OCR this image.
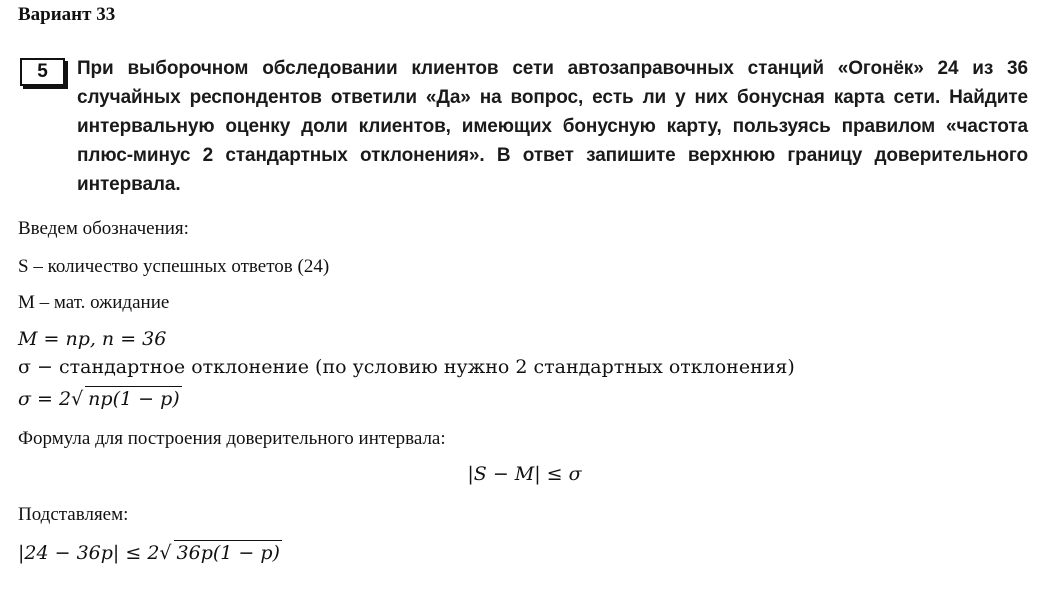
Вариант 33
5	При выборочном обследовании клиентов сети автозаправочных станций «Огонёк» 24 из 36 случайных респондентов ответили «Да» на вопрос, есть ли у них бонусная карта сети. Найдите интервальную оценку доли клиентов, имеющих бонусную карту, пользуясь правилом «частота плюс-минус 2 стандартных отклонения». В ответ запишите верхнюю границу доверительного интервала.
Введем обозначения:
S – количество успешных ответов (24)
М – мат. ожидание
M = np, n = 36
σ − стандартное отклонение (по условию нужно 2 стандартных отклонения)
σ = 2√ np(1 − p)
Формула для построения доверительного интервала:
|S − M| ≤ σ
Подставляем:
|24 − 36p| ≤ 2√ 36p(1 − p)
